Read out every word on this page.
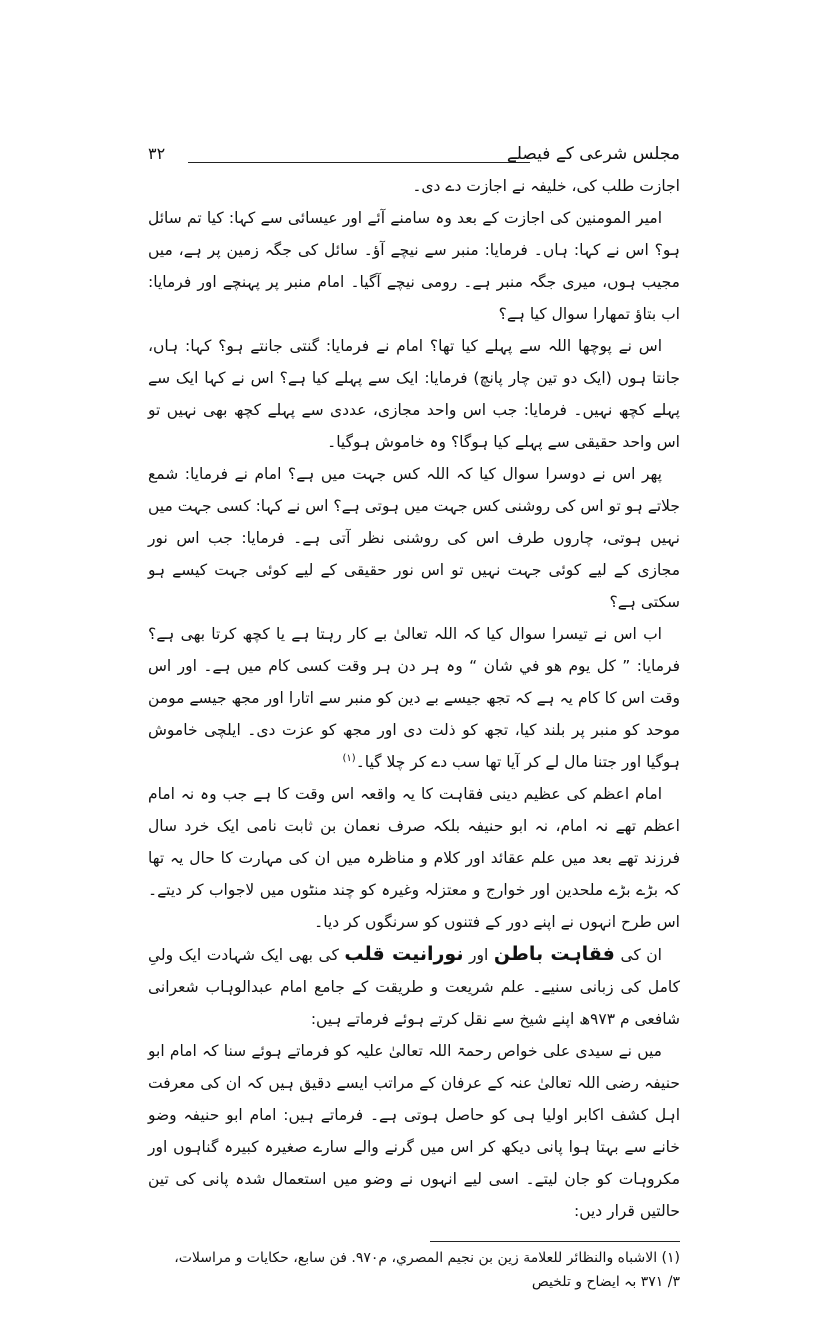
مجلس شرعی کے فیصلے
۳۲

اجازت طلب کی، خلیفہ نے اجازت دے دی۔

امیر المومنین کی اجازت کے بعد وہ سامنے آئے اور عیسائی سے کہا: کیا تم سائل ہو؟ اس نے کہا: ہاں۔ فرمایا: منبر سے نیچے آؤ۔ سائل کی جگہ زمین پر ہے، میں مجیب ہوں، میری جگہ منبر ہے۔ رومی نیچے آگیا۔ امام منبر پر پہنچے اور فرمایا: اب بتاؤ تمھارا سوال کیا ہے؟

اس نے پوچھا اللہ سے پہلے کیا تھا؟ امام نے فرمایا: گنتی جانتے ہو؟ کہا: ہاں، جانتا ہوں (ایک دو تین چار پانچ) فرمایا: ایک سے پہلے کیا ہے؟ اس نے کہا ایک سے پہلے کچھ نہیں۔ فرمایا: جب اس واحد مجازی، عددی سے پہلے کچھ بھی نہیں تو اس واحد حقیقی سے پہلے کیا ہوگا؟ وہ خاموش ہوگیا۔

پھر اس نے دوسرا سوال کیا کہ اللہ کس جہت میں ہے؟ امام نے فرمایا: شمع جلاتے ہو تو اس کی روشنی کس جہت میں ہوتی ہے؟ اس نے کہا: کسی جہت میں نہیں ہوتی، چاروں طرف اس کی روشنی نظر آتی ہے۔ فرمایا: جب اس نور مجازی کے لیے کوئی جہت نہیں تو اس نور حقیقی کے لیے کوئی جہت کیسے ہو سکتی ہے؟

اب اس نے تیسرا سوال کیا کہ اللہ تعالیٰ بے کار رہتا ہے یا کچھ کرتا بھی ہے؟ فرمایا: ” كل يوم هو في شان “ وہ ہر دن ہر وقت کسی کام میں ہے۔ اور اس وقت اس کا کام یہ ہے کہ تجھ جیسے بے دین کو منبر سے اتارا اور مجھ جیسے مومن موحد کو منبر پر بلند کیا، تجھ کو ذلت دی اور مجھ کو عزت دی۔ ایلچی خاموش ہوگیا اور جتنا مال لے کر آیا تھا سب دے کر چلا گیا۔$^{(۱)}$

امام اعظم کی عظیم دینی فقاہت کا یہ واقعہ اس وقت کا ہے جب وہ نہ امام اعظم تھے نہ امام، نہ ابو حنیفہ بلکہ صرف نعمان بن ثابت نامی ایک خرد سال فرزند تھے بعد میں علم عقائد اور کلام و مناظرہ میں ان کی مہارت کا حال یہ تھا کہ بڑے بڑے ملحدین اور خوارج و معتزلہ وغیرہ کو چند منٹوں میں لاجواب کر دیتے۔ اس طرح انہوں نے اپنے دور کے فتنوں کو سرنگوں کر دیا۔

ان کی فقاہت باطن اور نورانیت قلب کی بھی ایک شہادت ایک ولیِ کامل کی زبانی سنیے۔ علم شریعت و طریقت کے جامع امام عبدالوہاب شعرانی شافعی م ۹۷۳ھ اپنے شیخ سے نقل کرتے ہوئے فرماتے ہیں:

میں نے سیدی علی خواص رحمۃ اللہ تعالیٰ علیہ کو فرماتے ہوئے سنا کہ امام ابو حنیفہ رضی اللہ تعالیٰ عنہ کے عرفان کے مراتب ایسے دقیق ہیں کہ ان کی معرفت اہل کشف اکابر اولیا ہی کو حاصل ہوتی ہے۔ فرماتے ہیں: امام ابو حنیفہ وضو خانے سے بہتا ہوا پانی دیکھ کر اس میں گرنے والے سارے صغیرہ کبیرہ گناہوں اور مکروہات کو جان لیتے۔ اسی لیے انہوں نے وضو میں استعمال شدہ پانی کی تین حالتیں قرار دیں:

(۱) الاشباه والنظائر للعلامة زين بن نجيم المصري، م٩٧٠. فن سابع، حكايات و مراسلات،

۳/ ۳۷۱ بہ ایضاح و تلخیص
